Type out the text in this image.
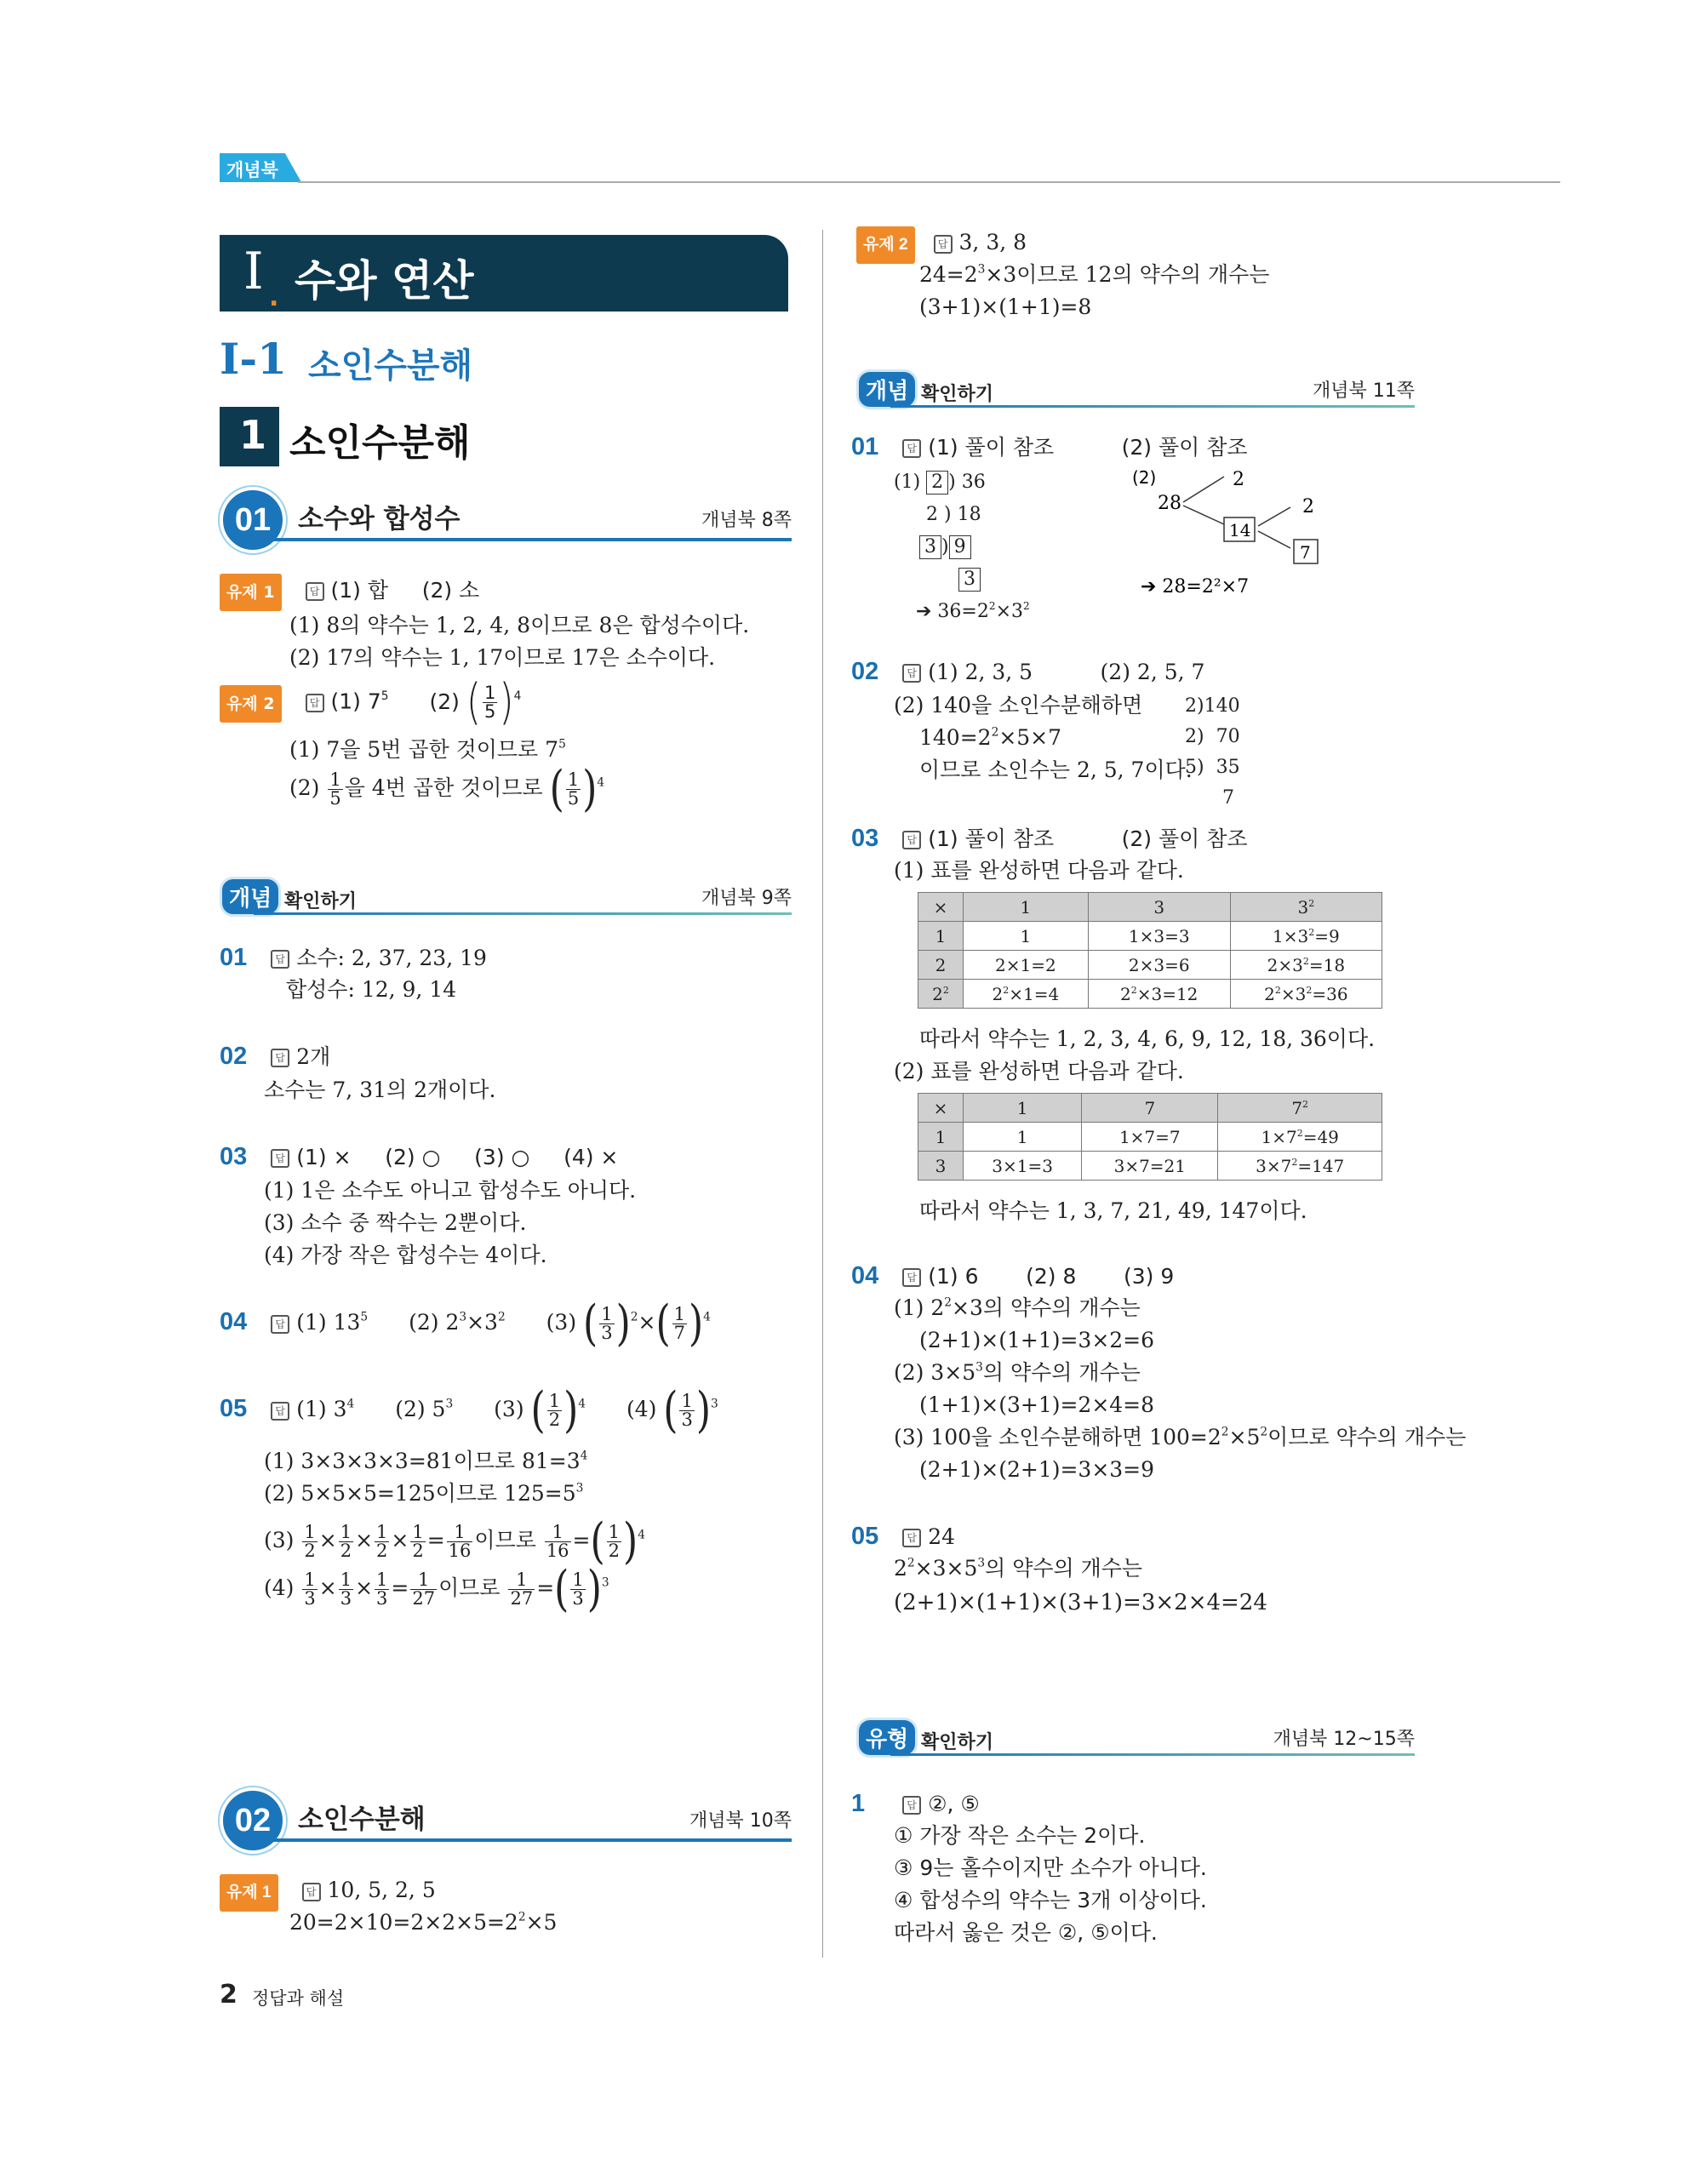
개념북
I . 수와 연산
I-1 소인수분해
1 소인수분해
01	소수와 합성수	개념북 8쪽
유제 1	답 (1) 합     (2) 소
(1) 8의 약수는 1, 2, 4, 8이므로 8은 합성수이다.
(2) 17의 약수는 1, 17이므로 17은 소수이다.
유제 2	답 (1) $7^5$ (2) ( $\frac{1}{5} )^4$
(1) 7을 5번 곱한 것이므로 $7^5$
$(2) \frac{1}{5}$ 을 4번 곱한 것이므로 ( $\frac{1}{5} )^4$
개념 확인하기	개념북 9쪽
01	답 소수: 2, 37, 23, 19
합성수: 12, 9, 14
02	답 2개
소수는 7, 31의 2개이다.
03	답 (1) ×     (2) ○     (3) ○     (4) ×
(1) 1은 소수도 아니고 합성수도 아니다.
(3) 소수 중 짝수는 2뿐이다.
(4) 가장 작은 합성수는 4이다.
04	답 (1) $13^5$ (2) $2^3\times 3^2$ (3) ( $\frac{1}{3} )^2\times( \frac{1}{7} )^4$
05	답 (1) $3^4$ (2) $5^3$ (3) ( $\frac{1}{2} )^4$ (4) ( $\frac{1}{3} )^3$
(1) 3×3×3×3=81이므로 $81=3^4$
(2) 5×5×5=125이므로 $125=5^3$
$(3) \frac{1}{2} \times \frac{1}{2} \times \frac{1}{2} \times \frac{1}{2} = \frac{1}{16}$ 이므로 $\frac{1}{16}$ =( $\frac{1}{2} )^4$
$(4) \frac{1}{3} \times \frac{1}{3} \times \frac{1}{3} = \frac{1}{27}$ 이므로 $\frac{1}{27}$ =( $\frac{1}{3} )^3$
02	소인수분해	개념북 10쪽
유제 1	답 10, 5, 2, 5
$20=2\times 10=2\times 2\times 5=2^2\times 5$
2 정답과 해설
유제 2	답 3, 3, 8
$24=2^3\times 3$이므로 12의 약수의 개수는
(3+1)×(1+1)=8
개념 확인하기	개념북 11쪽
01	답 (1) 풀이 참조          (2) 풀이 참조
(1) 2 ) 36
2 ) 18
3 ) 9
3
➔ $36=2^2\times 3^2$
(2)
28
2
14
2
7
➔ 28=2²×7
02	답 (1) 2, 3, 5          (2) 2, 5, 7
(2) 140을 소인수분해하면
$140=2^2\times 5\times 7$
이므로 소인수는 2, 5, 7이다.
2)140
2)  70
5)  35
7
03	답 (1) 풀이 참조          (2) 풀이 참조
(1) 표를 완성하면 다음과 같다.
×	1	3	$3^2$
1	1	1×3=3	$1\times 3^2=9$
2	2×1=2	2×3=6	$2\times 3^2=18$
$2^2$	$2^2\times 1=4$	$2^2\times 3=12$	$2^2\times 3^2=36$
따라서 약수는 1, 2, 3, 4, 6, 9, 12, 18, 36이다.
(2) 표를 완성하면 다음과 같다.
×	1	7	$7^2$
1	1	1×7=7	$1\times 7^2=49$
3	3×1=3	3×7=21	$3\times 7^2=147$
따라서 약수는 1, 3, 7, 21, 49, 147이다.
04	답 (1) 6       (2) 8       (3) 9
(1) $2^2\times 3$의 약수의 개수는
(2+1)×(1+1)=3×2=6
(2) $3\times 5^3$의 약수의 개수는
(1+1)×(3+1)=2×4=8
(3) 100을 소인수분해하면 $100=2^2\times 5^2$이므로 약수의 개수는
(2+1)×(2+1)=3×3=9
05	답 24
$2^2\times 3\times 5^3$의 약수의 개수는
(2+1)×(1+1)×(3+1)=3×2×4=24
유형 확인하기	개념북 12~15쪽
1	답 ②, ⑤
① 가장 작은 소수는 2이다.
③ 9는 홀수이지만 소수가 아니다.
④ 합성수의 약수는 3개 이상이다.
따라서 옳은 것은 ②, ⑤이다.
